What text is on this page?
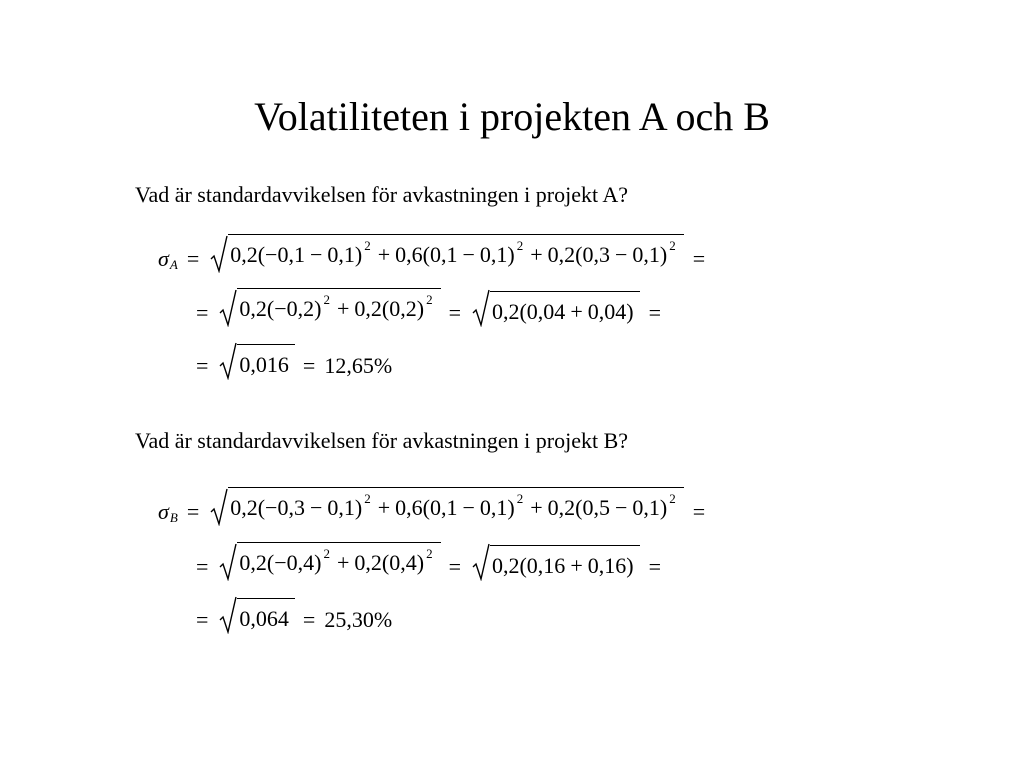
Volatiliteten i projekten A och B
Vad är standardavvikelsen för avkastningen i projekt A?
σ A = 0,2(−0,1 − 0,1) 2 + 0,6(0,1 − 0,1) 2 + 0,2(0,3 − 0,1) 2
=
= 0,2(−0,2) 2 + 0,2(0,2) 2
= 0,2(0,04 + 0,04) =
= 0,016 = 12,65%
Vad är standardavvikelsen för avkastningen i projekt B?
σ B = 0,2(−0,3 − 0,1) 2 + 0,6(0,1 − 0,1) 2 + 0,2(0,5 − 0,1) 2
=
= 0,2(−0,4) 2 + 0,2(0,4) 2
= 0,2(0,16 + 0,16) =
= 0,064 = 25,30%
